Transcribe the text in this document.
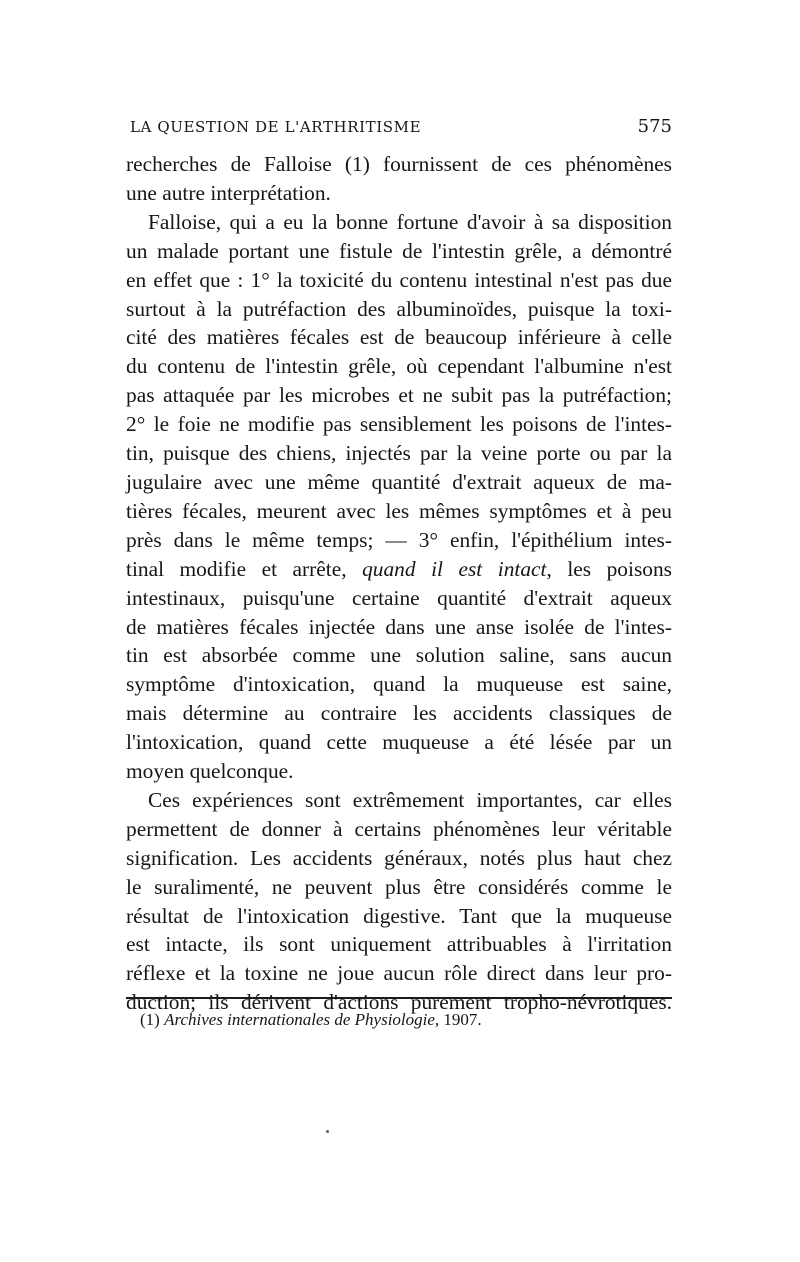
LA QUESTION DE L'ARTHRITISME	575
recherches de Falloise (1) fournissent de ces phénomènes
une autre interprétation.
Falloise, qui a eu la bonne fortune d'avoir à sa disposition
un malade portant une fistule de l'intestin grêle, a démontré
en effet que : 1° la toxicité du contenu intestinal n'est pas due
surtout à la putréfaction des albuminoïdes, puisque la toxi-
cité des matières fécales est de beaucoup inférieure à celle
du contenu de l'intestin grêle, où cependant l'albumine n'est
pas attaquée par les microbes et ne subit pas la putréfaction;
2° le foie ne modifie pas sensiblement les poisons de l'intes-
tin, puisque des chiens, injectés par la veine porte ou par la
jugulaire avec une même quantité d'extrait aqueux de ma-
tières fécales, meurent avec les mêmes symptômes et à peu
près dans le même temps; — 3° enfin, l'épithélium intes-
tinal modifie et arrête, quand il est intact, les poisons
intestinaux, puisqu'une certaine quantité d'extrait aqueux
de matières fécales injectée dans une anse isolée de l'intes-
tin est absorbée comme une solution saline, sans aucun
symptôme d'intoxication, quand la muqueuse est saine,
mais détermine au contraire les accidents classiques de
l'intoxication, quand cette muqueuse a été lésée par un
moyen quelconque.
Ces expériences sont extrêmement importantes, car elles
permettent de donner à certains phénomènes leur véritable
signification. Les accidents généraux, notés plus haut chez
le suralimenté, ne peuvent plus être considérés comme le
résultat de l'intoxication digestive. Tant que la muqueuse
est intacte, ils sont uniquement attribuables à l'irritation
réflexe et la toxine ne joue aucun rôle direct dans leur pro-
duction; ils dérivent d'actions purement tropho-névrotiques.
(1) Archives internationales de Physiologie, 1907.
